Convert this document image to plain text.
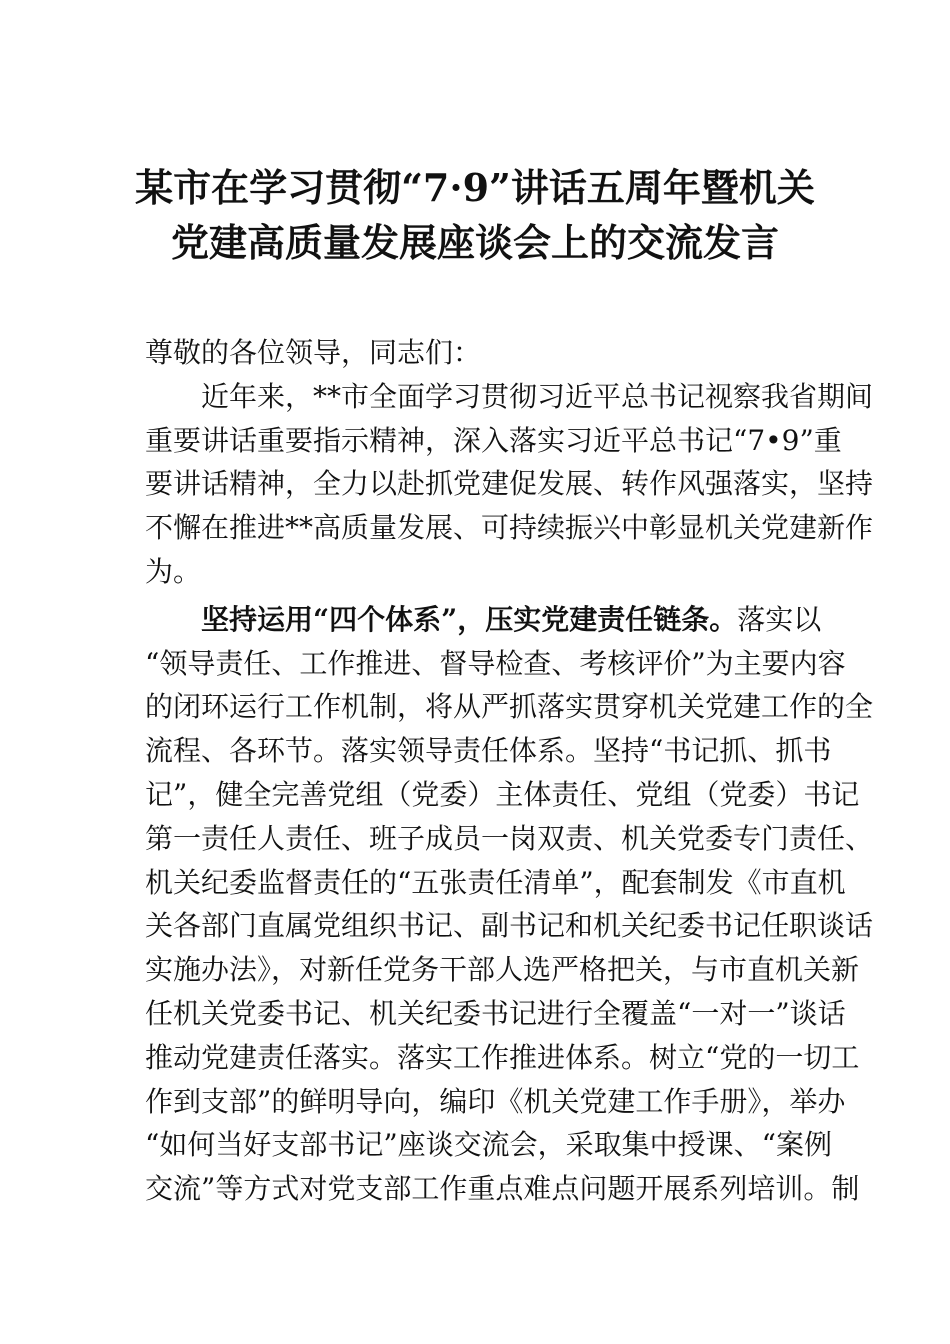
某市在学习贯彻“7·9”讲话五周年暨机关
党建高质量发展座谈会上的交流发言
尊敬的各位领导，同志们：
近年来，**市全面学习贯彻习近平总书记视察我省期间
重要讲话重要指示精神，深入落实习近平总书记“7•9”重
要讲话精神，全力以赴抓党建促发展、转作风强落实，坚持
不懈在推进**高质量发展、可持续振兴中彰显机关党建新作
为。
坚持运用“四个体系”，压实党建责任链条。落实以
“领导责任、工作推进、督导检查、考核评价”为主要内容
的闭环运行工作机制，将从严抓落实贯穿机关党建工作的全
流程、各环节。落实领导责任体系。坚持“书记抓、抓书
记”，健全完善党组（党委）主体责任、党组（党委）书记
第一责任人责任、班子成员一岗双责、机关党委专门责任、
机关纪委监督责任的“五张责任清单”，配套制发《市直机
关各部门直属党组织书记、副书记和机关纪委书记任职谈话
实施办法》，对新任党务干部人选严格把关，与市直机关新
任机关党委书记、机关纪委书记进行全覆盖“一对一”谈话
推动党建责任落实。落实工作推进体系。树立“党的一切工
作到支部”的鲜明导向，编印《机关党建工作手册》，举办
“如何当好支部书记”座谈交流会，采取集中授课、“案例
交流”等方式对党支部工作重点难点问题开展系列培训。制
